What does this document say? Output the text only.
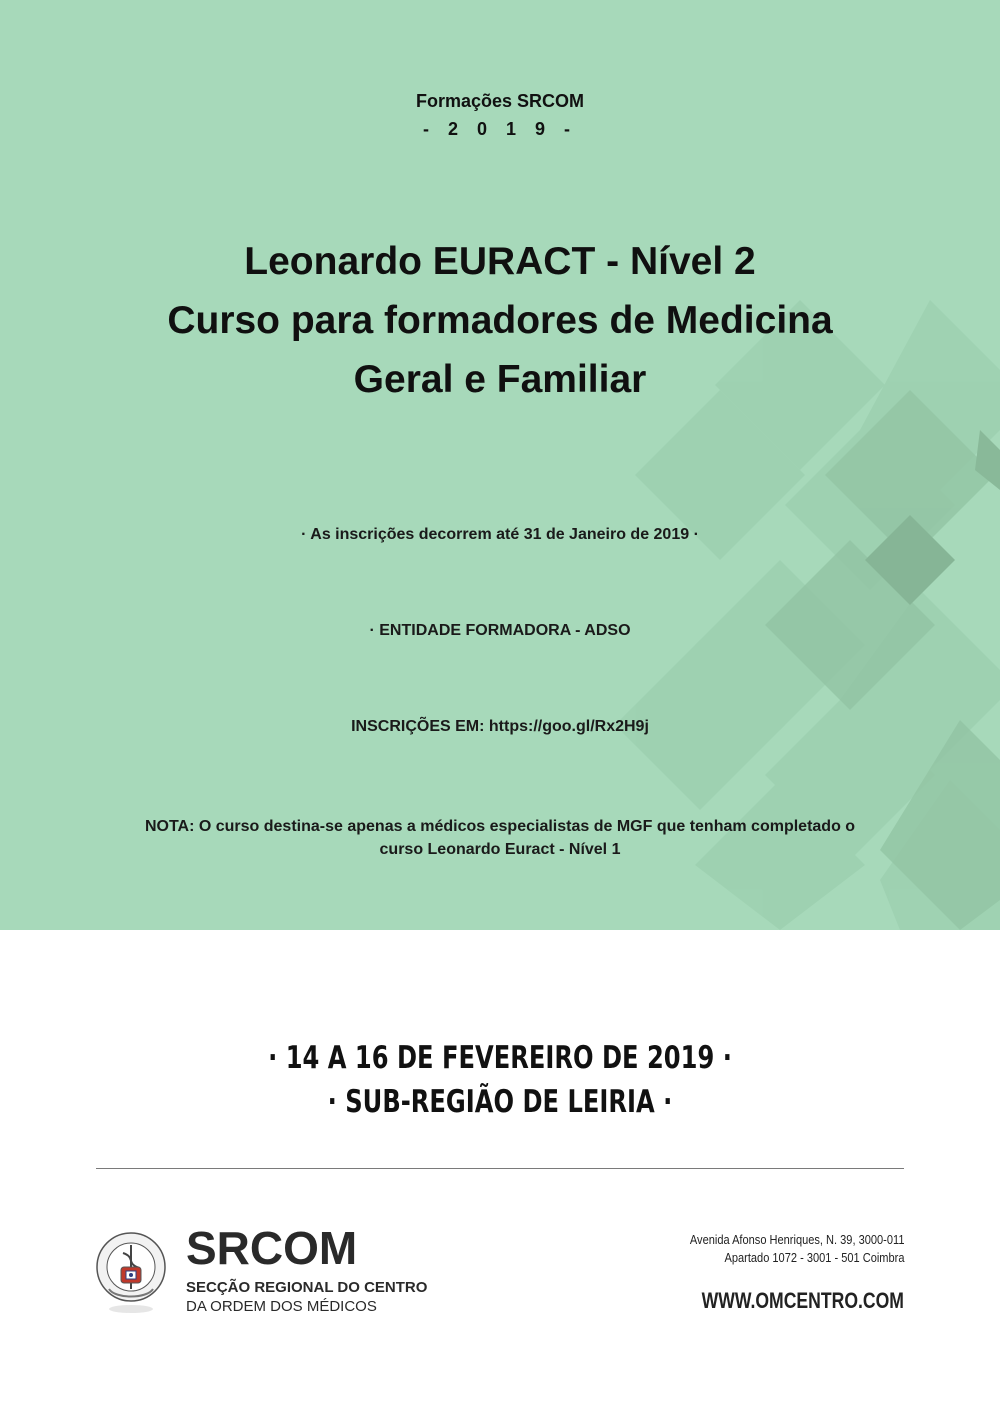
Formações SRCOM
- 2 0 1 9 -
Leonardo EURACT - Nível 2
Curso para formadores de Medicina
Geral e Familiar
· As inscrições decorrem até 31 de Janeiro de 2019 ·
· ENTIDADE FORMADORA - ADSO
INSCRIÇÕES EM: https://goo.gl/Rx2H9j
NOTA: O curso destina-se apenas a médicos especialistas de MGF que tenham completado o
curso Leonardo Euract - Nível 1
· 14 A 16 DE FEVEREIRO DE 2019 ·
· SUB-REGIÃO DE LEIRIA ·
SRCOM
SECÇÃO REGIONAL DO CENTRO
DA ORDEM DOS MÉDICOS
Avenida Afonso Henriques, N. 39, 3000-011
Apartado 1072 - 3001 - 501 Coimbra
WWW.OMCENTRO.COM
